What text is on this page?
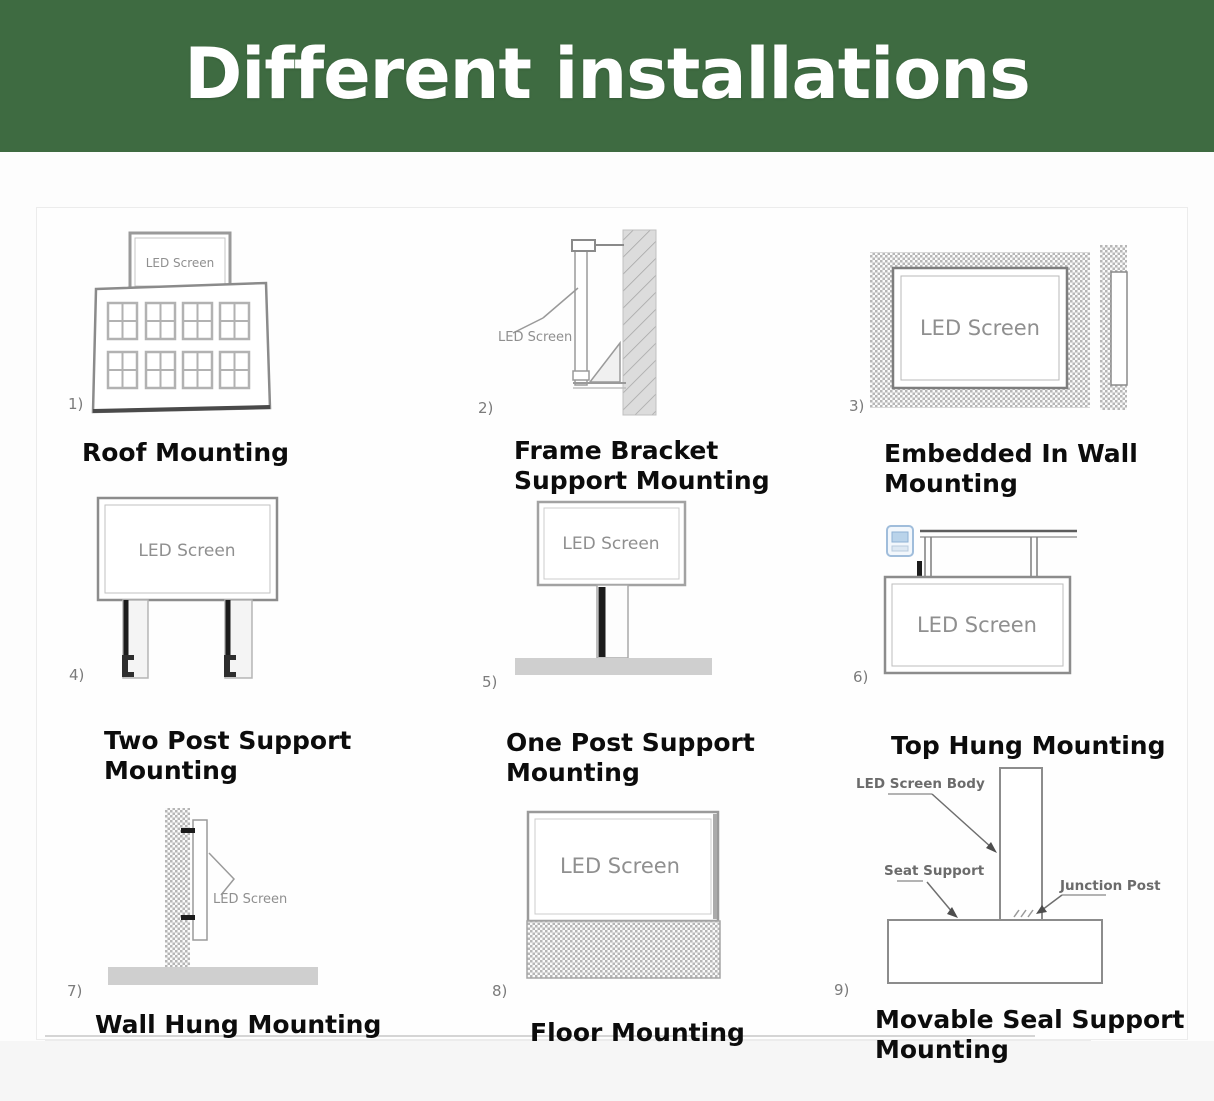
Different installations
LED Screen
1)
Roof Mounting
LED Screen
2)
Frame Bracket
Support Mounting
LED Screen
3)
Embedded In Wall
Mounting
LED Screen
4)
Two Post Support
Mounting
LED Screen
5)
One Post Support
Mounting
LED Screen
6)
Top Hung Mounting
LED Screen
7)
Wall Hung Mounting
LED Screen
8)
Floor Mounting
LED Screen Body
Seat Support
Junction Post
9)
Movable Seal Support
Mounting
